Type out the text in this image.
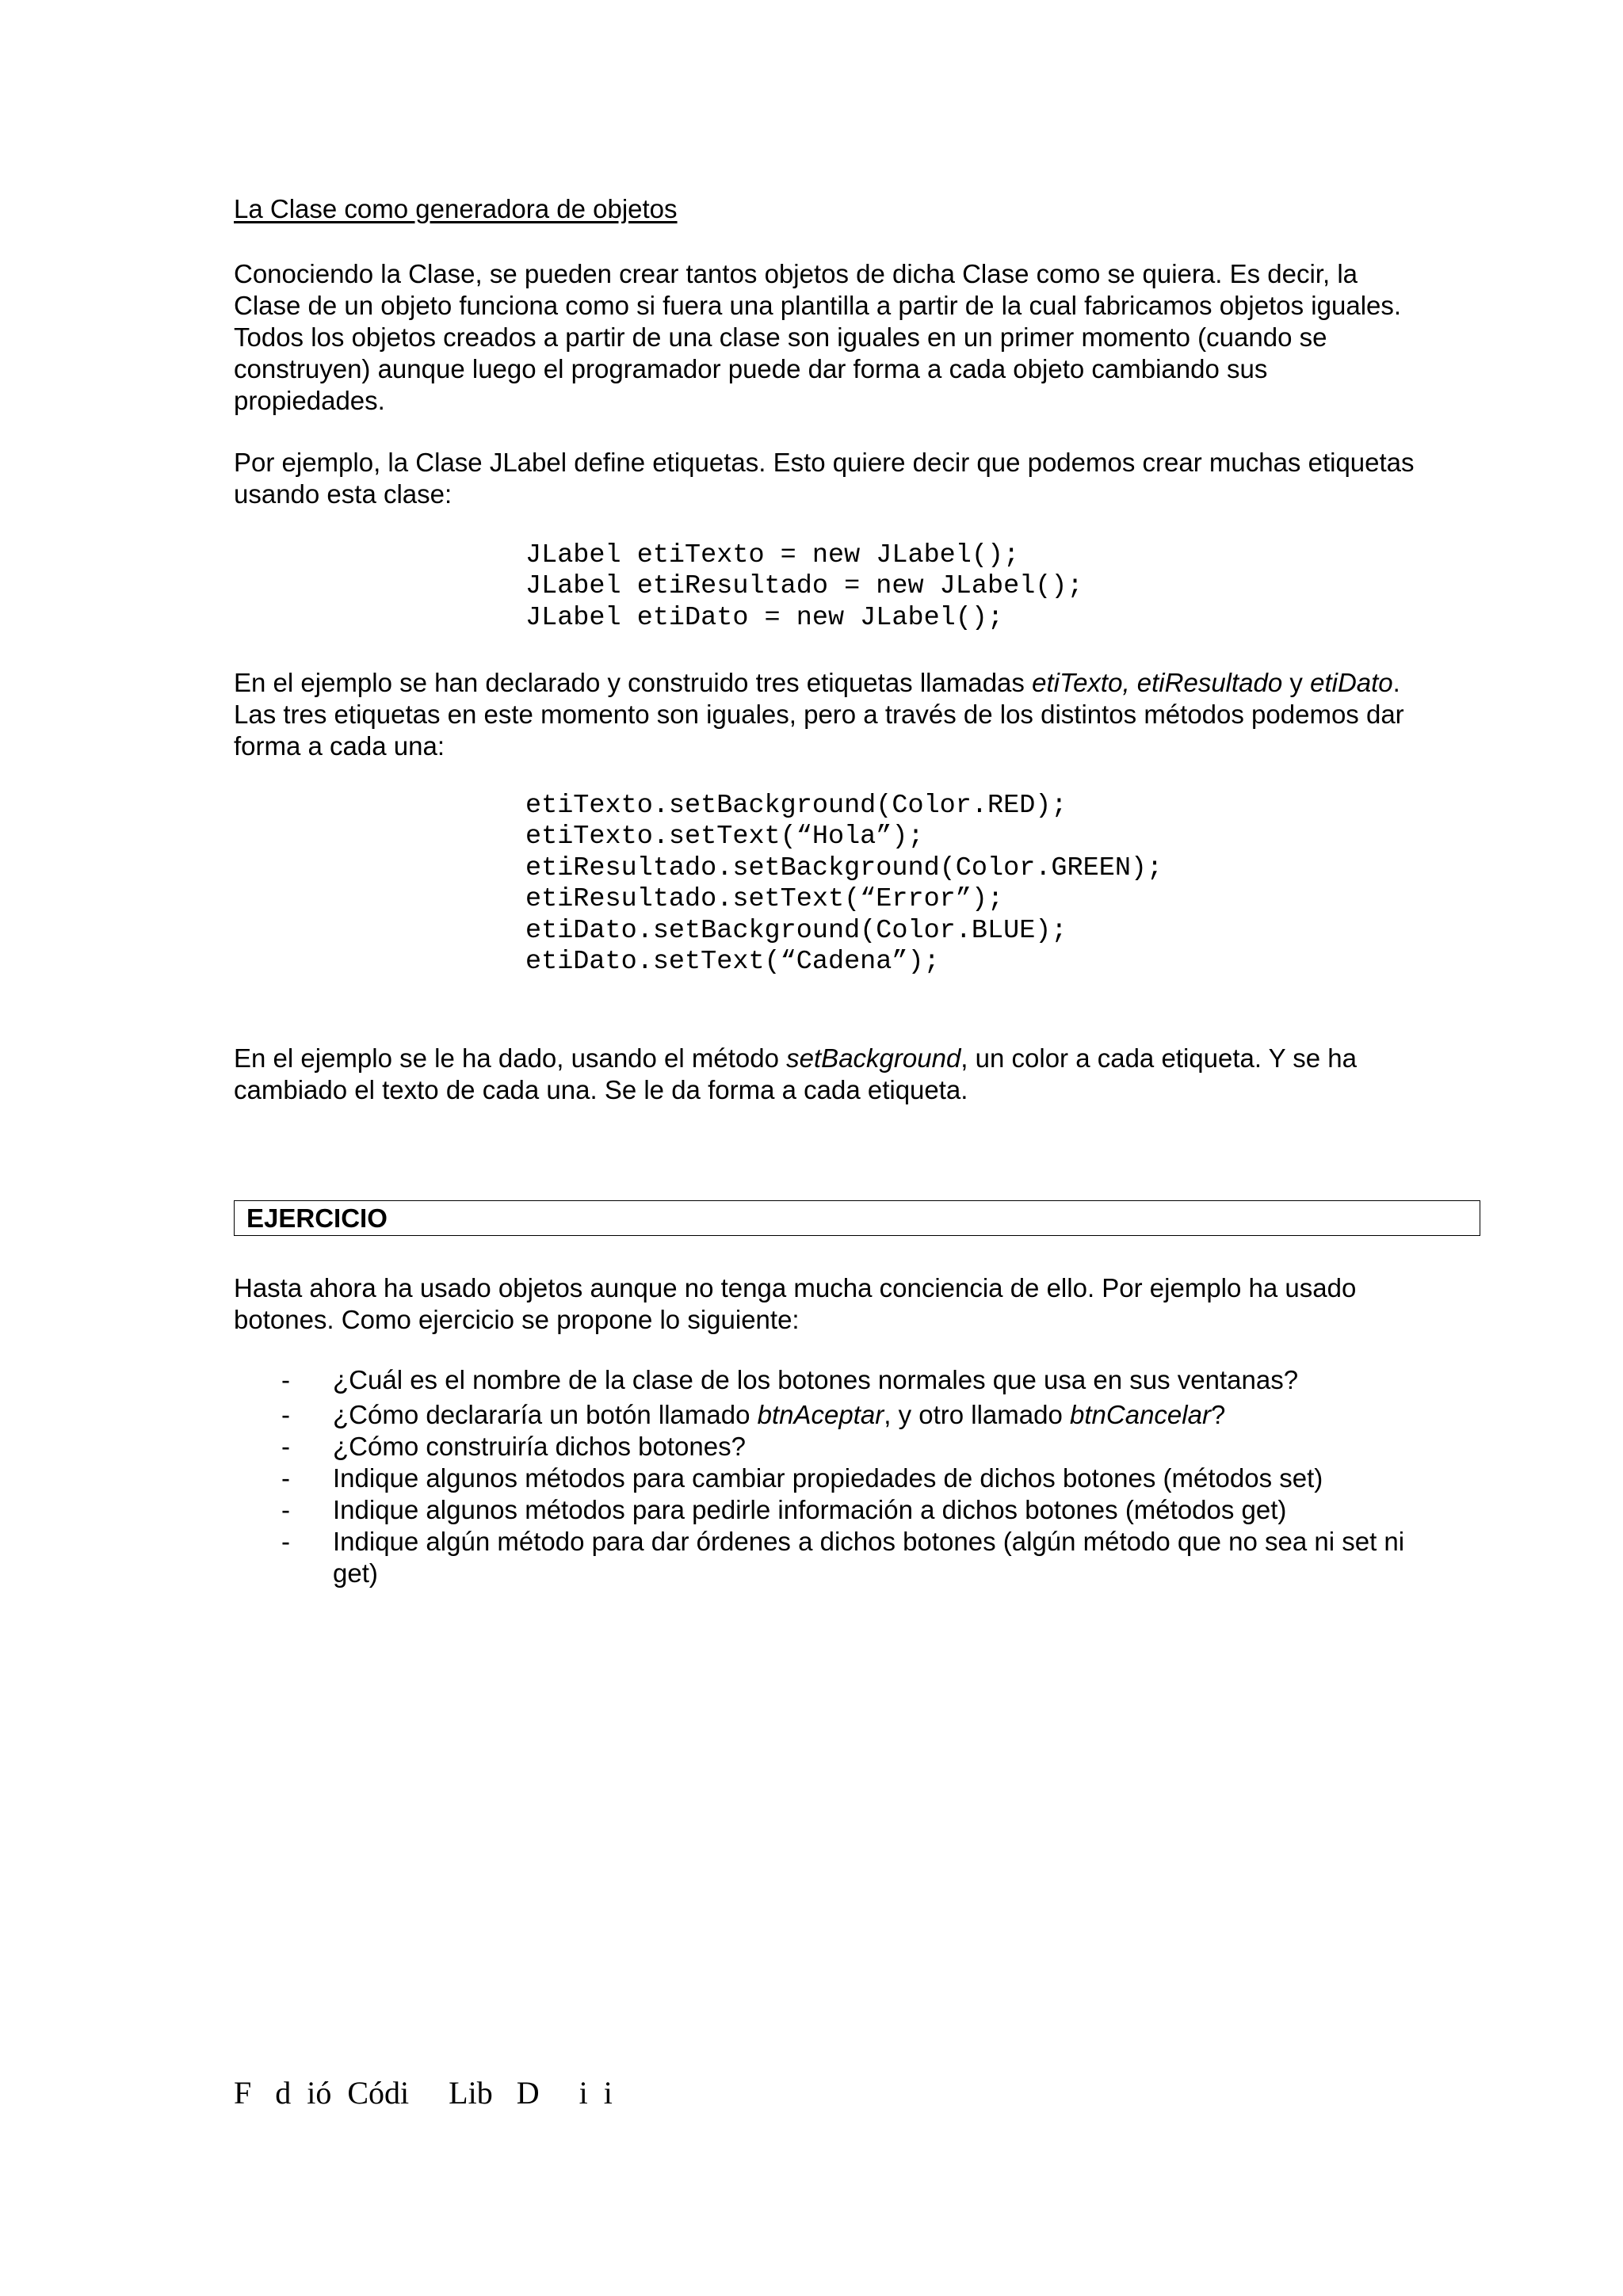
La Clase como generadora de objetos

Conociendo la Clase, se pueden crear tantos objetos de dicha Clase como se quiera. Es decir, la
Clase de un objeto funciona como si fuera una plantilla a partir de la cual fabricamos objetos iguales.
Todos los objetos creados a partir de una clase son iguales en un primer momento (cuando se
construyen) aunque luego el programador puede dar forma a cada objeto cambiando sus
propiedades.

Por ejemplo, la Clase JLabel define etiquetas. Esto quiere decir que podemos crear muchas etiquetas
usando esta clase:

JLabel etiTexto = new JLabel();
JLabel etiResultado = new JLabel();
JLabel etiDato = new JLabel();

En el ejemplo se han declarado y construido tres etiquetas llamadas etiTexto, etiResultado y etiDato.
Las tres etiquetas en este momento son iguales, pero a través de los distintos métodos podemos dar
forma a cada una:

etiTexto.setBackground(Color.RED);
etiTexto.setText(“Hola”);
etiResultado.setBackground(Color.GREEN);
etiResultado.setText(“Error”);
etiDato.setBackground(Color.BLUE);
etiDato.setText(“Cadena”);

En el ejemplo se le ha dado, usando el método setBackground, un color a cada etiqueta. Y se ha
cambiado el texto de cada una. Se le da forma a cada etiqueta.

EJERCICIO

Hasta ahora ha usado objetos aunque no tenga mucha conciencia de ello. Por ejemplo ha usado
botones. Como ejercicio se propone lo siguiente:

- ¿Cuál es el nombre de la clase de los botones normales que usa en sus ventanas?
- ¿Cómo declararía un botón llamado btnAceptar, y otro llamado btnCancelar?
- ¿Cómo construiría dichos botones?
- Indique algunos métodos para cambiar propiedades de dichos botones (métodos set)
- Indique algunos métodos para pedirle información a dichos botones (métodos get)
- Indique algún método para dar órdenes a dichos botones (algún método que no sea ni set ni
get)
F   d  ió  Códi     Lib   D     i  i
